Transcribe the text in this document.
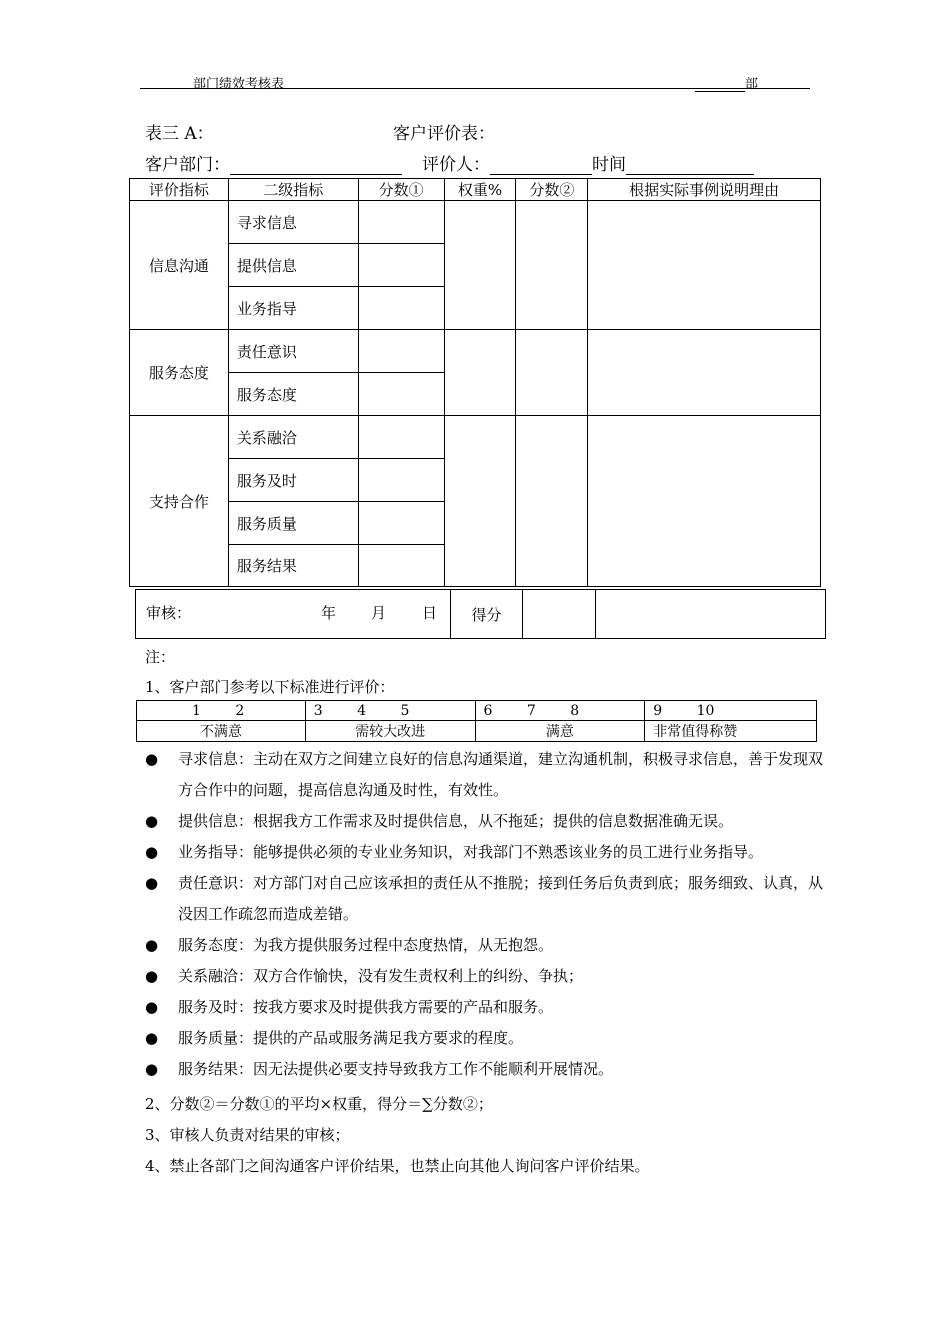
部门绩效考核表	部
表三 A：	客户评价表：
客户部门：	评价人：	时间
评价指标	二级指标	分数①	权重%	分数②	根据实际事例说明理由
信息沟通	寻求信息				
	提供信息				
	业务指导				
服务态度	责任意识				
	服务态度				
支持合作	关系融洽				
	服务及时				
	服务质量				
	服务结果				
审核：	年 月 日	得分		
注：
1、客户部门参考以下标准进行评价：
1 2	3 4 5	6 7 8	9 10
不满意	需较大改进	满意	非常值得称赞
● 寻求信息：主动在双方之间建立良好的信息沟通渠道，建立沟通机制，积极寻求信息，善于发现双方合作中的问题，提高信息沟通及时性，有效性。
● 提供信息：根据我方工作需求及时提供信息，从不拖延；提供的信息数据准确无误。
● 业务指导：能够提供必须的专业业务知识，对我部门不熟悉该业务的员工进行业务指导。
● 责任意识：对方部门对自己应该承担的责任从不推脱；接到任务后负责到底；服务细致、认真，从没因工作疏忽而造成差错。
● 服务态度：为我方提供服务过程中态度热情，从无抱怨。
● 关系融洽：双方合作愉快，没有发生责权利上的纠纷、争执；
● 服务及时：按我方要求及时提供我方需要的产品和服务。
● 服务质量：提供的产品或服务满足我方要求的程度。
● 服务结果：因无法提供必要支持导致我方工作不能顺利开展情况。
2、分数②＝分数①的平均×权重，得分＝∑分数②；
3、审核人负责对结果的审核；
4、禁止各部门之间沟通客户评价结果，也禁止向其他人询问客户评价结果。
